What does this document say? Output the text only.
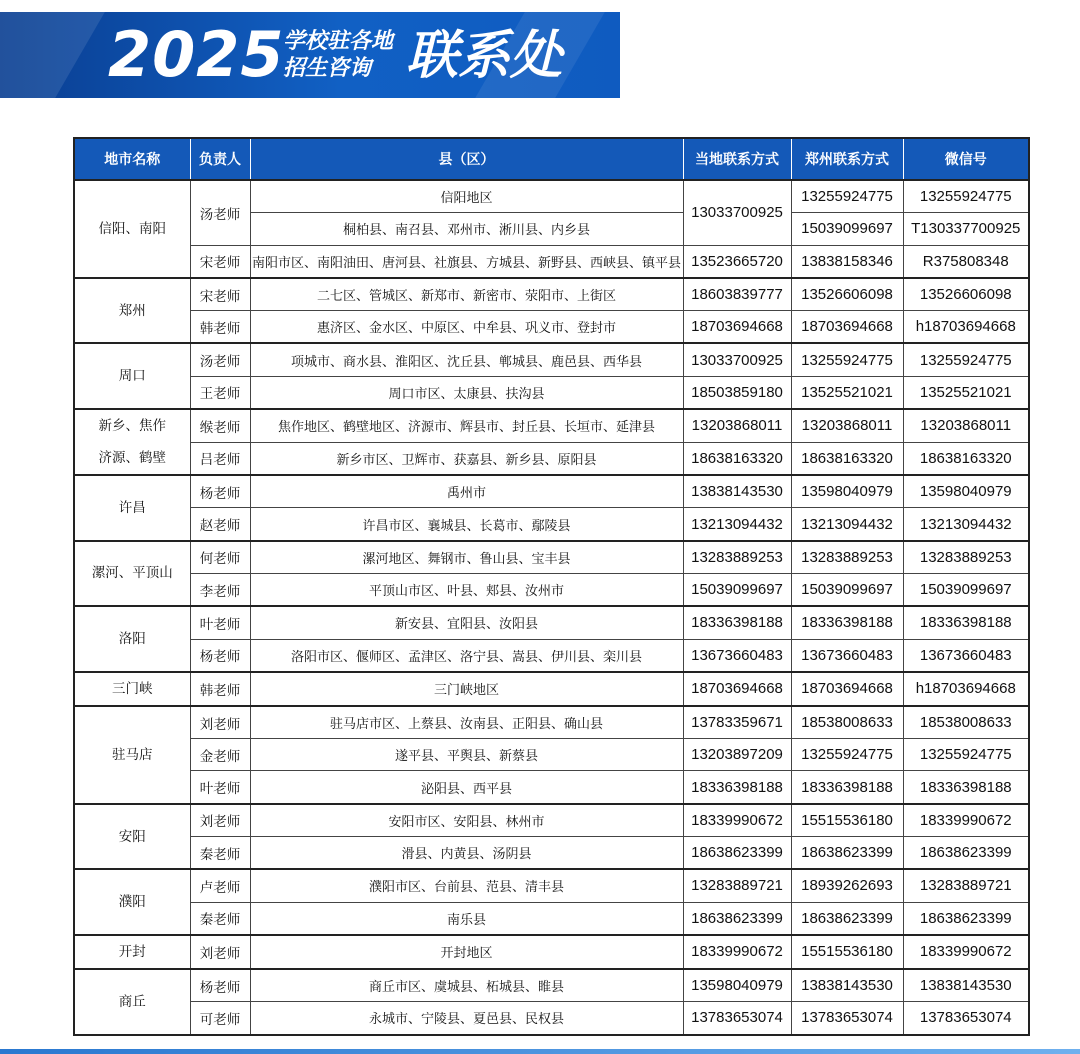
2025
学校驻各地
招生咨询 联系处
地市名称	负责人	县（区）	当地联系方式	郑州联系方式	微信号

信阳、南阳	汤老师	信阳地区	13033700925	13255924775	13255924775
		桐柏县、南召县、邓州市、淅川县、内乡县		15039099697	T130337700925
	宋老师	南阳市区、南阳油田、唐河县、社旗县、方城县、新野县、西峡县、镇平县	13523665720	13838158346	R375808348

郑州	宋老师	二七区、管城区、新郑市、新密市、荥阳市、上街区	18603839777	13526606098	13526606098
	韩老师	惠济区、金水区、中原区、中牟县、巩义市、登封市	18703694668	18703694668	h18703694668

周口	汤老师	项城市、商水县、淮阳区、沈丘县、郸城县、鹿邑县、西华县	13033700925	13255924775	13255924775
	王老师	周口市区、太康县、扶沟县	18503859180	13525521021	13525521021

新乡、焦作
济源、鹤壁	缑老师	焦作地区、鹤壁地区、济源市、辉县市、封丘县、长垣市、延津县	13203868011	13203868011	13203868011
	吕老师	新乡市区、卫辉市、获嘉县、新乡县、原阳县	18638163320	18638163320	18638163320

许昌	杨老师	禹州市	13838143530	13598040979	13598040979
	赵老师	许昌市区、襄城县、长葛市、鄢陵县	13213094432	13213094432	13213094432

漯河、平顶山	何老师	漯河地区、舞钢市、鲁山县、宝丰县	13283889253	13283889253	13283889253
	李老师	平顶山市区、叶县、郏县、汝州市	15039099697	15039099697	15039099697

洛阳	叶老师	新安县、宜阳县、汝阳县	18336398188	18336398188	18336398188
	杨老师	洛阳市区、偃师区、孟津区、洛宁县、嵩县、伊川县、栾川县	13673660483	13673660483	13673660483

三门峡	韩老师	三门峡地区	18703694668	18703694668	h18703694668

驻马店	刘老师	驻马店市区、上蔡县、汝南县、正阳县、确山县	13783359671	18538008633	18538008633
	金老师	遂平县、平舆县、新蔡县	13203897209	13255924775	13255924775
	叶老师	泌阳县、西平县	18336398188	18336398188	18336398188

安阳	刘老师	安阳市区、安阳县、林州市	18339990672	15515536180	18339990672
	秦老师	滑县、内黄县、汤阴县	18638623399	18638623399	18638623399

濮阳	卢老师	濮阳市区、台前县、范县、清丰县	13283889721	18939262693	13283889721
	秦老师	南乐县	18638623399	18638623399	18638623399

开封	刘老师	开封地区	18339990672	15515536180	18339990672

商丘	杨老师	商丘市区、虞城县、柘城县、睢县	13598040979	13838143530	13838143530
	可老师	永城市、宁陵县、夏邑县、民权县	13783653074	13783653074	13783653074
